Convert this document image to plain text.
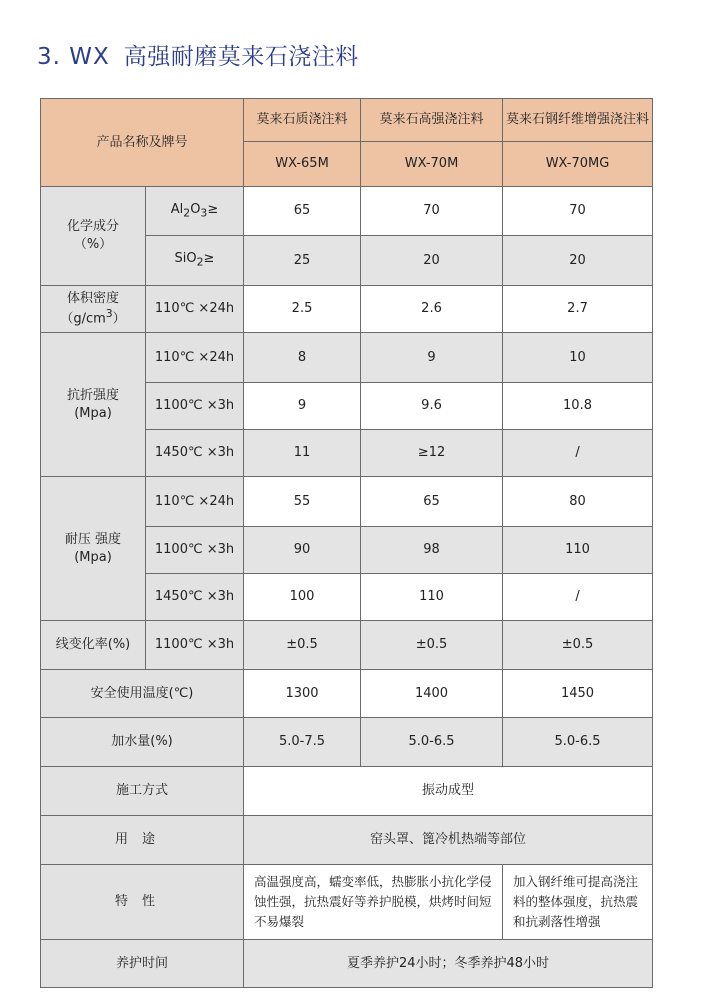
3. WX 高强耐磨莫来石浇注料
产品名称及牌号		莫来石质浇注料	莫来石高强浇注料	莫来石钢纤维增强浇注料
		WX-65M	WX-70M	WX-70MG

化学成分
（%）	$Al_2O_3\ge$	65	70	70
	SiO$_2$≥	25	20	20

体积密度
$(g/cm^3)$	110℃ ×24h	2.5	2.6	2.7

抗折强度
(Mpa)	110℃ ×24h	8	9	10
	1100℃ ×3h	9	9.6	10.8
	1450℃ ×3h	11	≥12	/

耐压 强度
(Mpa)	110℃ ×24h	55	65	80
	1100℃ ×3h	90	98	110
	1450℃ ×3h	100	110	/
线变化率(%)	1100℃ ×3h	±0.5	±0.5	±0.5
安全使用温度(℃)		1300	1400	1450
加水量(%)		5.0-7.5	5.0-6.5	5.0-6.5
施工方式		振动成型		
用途		窑头罩、篦冷机热端等部位		
特性		高温强度高，蠕变率低，热膨胀小抗化学侵蚀性强，抗热震好等养护脱模，烘烤时间短不易爆裂		加入钢纤维可提高浇注料的整体强度，抗热震和抗剥落性增强
养护时间		夏季养护24小时；冬季养护48小时		
